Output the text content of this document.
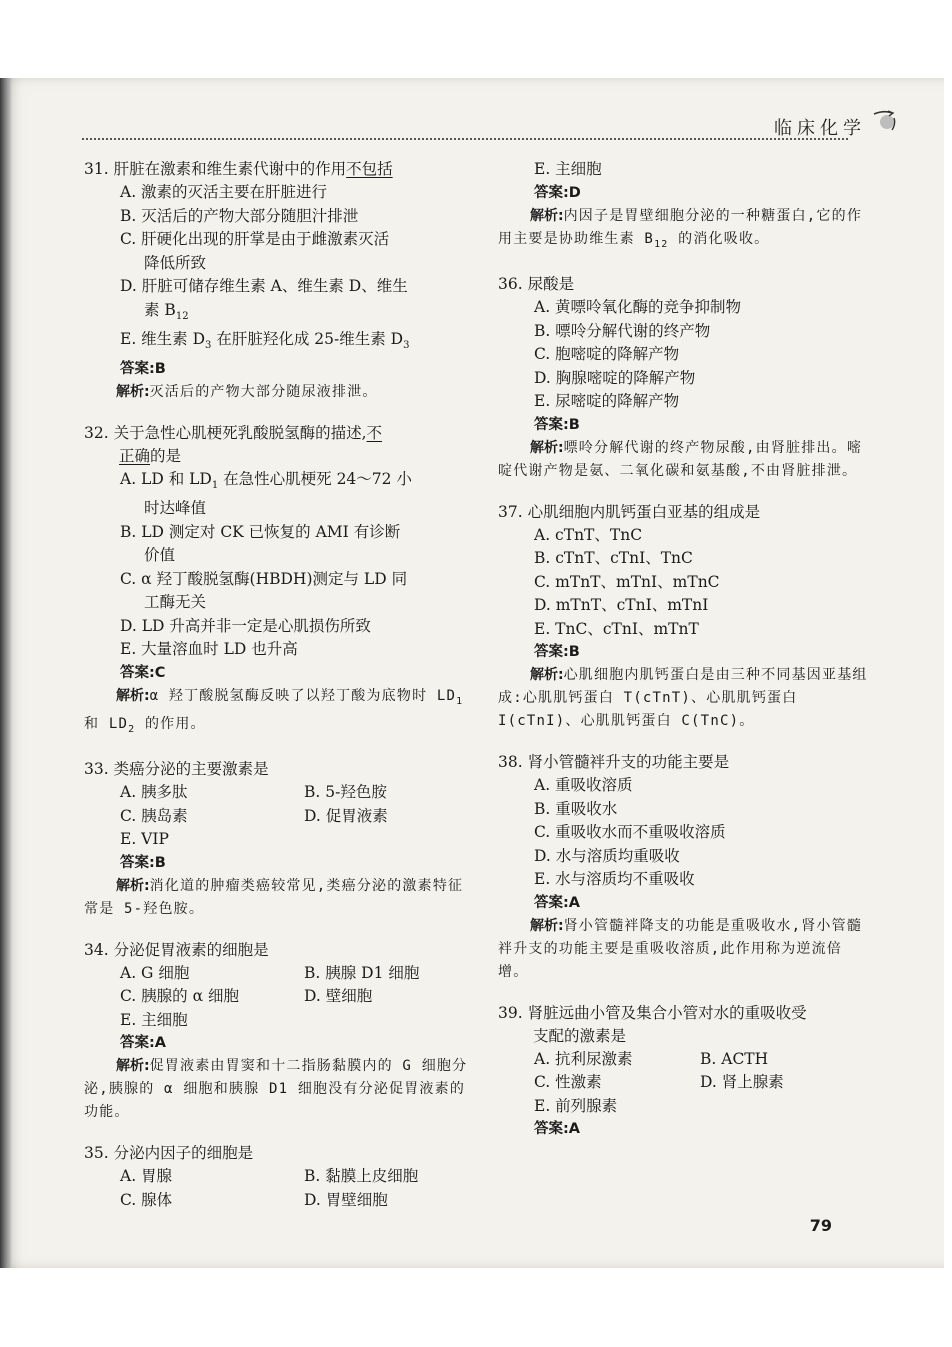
临床化学
31. 肝脏在激素和维生素代谢中的作用不包括
A. 激素的灭活主要在肝脏进行
B. 灭活后的产物大部分随胆汁排泄
C. 肝硬化出现的肝掌是由于雌激素灭活
降低所致
D. 肝脏可储存维生素 A、维生素 D、维生
素 $B_{12}$
E. 维生素 $D_3$ 在肝脏羟化成 25-维生素 $D_3$
答案:B
解析:灭活后的产物大部分随尿液排泄。
32. 关于急性心肌梗死乳酸脱氢酶的描述,不
正确的是
A. LD 和 $LD_1$ 在急性心肌梗死 24～72 小
时达峰值
B. LD 测定对 CK 已恢复的 AMI 有诊断
价值
C. α 羟丁酸脱氢酶(HBDH)测定与 LD 同
工酶无关
D. LD 升高并非一定是心肌损伤所致
E. 大量溶血时 LD 也升高
答案:C
解析:α 羟丁酸脱氢酶反映了以羟丁酸为底物时 $LD_1$ 和 $LD_2$ 的作用。
33. 类癌分泌的主要激素是
A. 胰多肽	B. 5-羟色胺
C. 胰岛素	D. 促胃液素
E. VIP
答案:B
解析:消化道的肿瘤类癌较常见,类癌分泌的激素特征常是 5-羟色胺。
34. 分泌促胃液素的细胞是
A. G 细胞	B. 胰腺 D1 细胞
C. 胰腺的 α 细胞	D. 壁细胞
E. 主细胞
答案:A
解析:促胃液素由胃窦和十二指肠黏膜内的 G 细胞分泌,胰腺的 α 细胞和胰腺 D1 细胞没有分泌促胃液素的功能。
35. 分泌内因子的细胞是
A. 胃腺	B. 黏膜上皮细胞
C. 腺体	D. 胃壁细胞
E. 主细胞
答案:D
解析:内因子是胃壁细胞分泌的一种糖蛋白,它的作用主要是协助维生素 $B_{12}$ 的消化吸收。
36. 尿酸是
A. 黄嘌呤氧化酶的竞争抑制物
B. 嘌呤分解代谢的终产物
C. 胞嘧啶的降解产物
D. 胸腺嘧啶的降解产物
E. 尿嘧啶的降解产物
答案:B
解析:嘌呤分解代谢的终产物尿酸,由肾脏排出。嘧啶代谢产物是氨、二氧化碳和氨基酸,不由肾脏排泄。
37. 心肌细胞内肌钙蛋白亚基的组成是
A. cTnT、TnC
B. cTnT、cTnI、TnC
C. mTnT、mTnI、mTnC
D. mTnT、cTnI、mTnI
E. TnC、cTnI、mTnT
答案:B
解析:心肌细胞内肌钙蛋白是由三种不同基因亚基组成:心肌肌钙蛋白 T(cTnT)、心肌肌钙蛋白 I(cTnI)、心肌肌钙蛋白 C(TnC)。
38. 肾小管髓袢升支的功能主要是
A. 重吸收溶质
B. 重吸收水
C. 重吸收水而不重吸收溶质
D. 水与溶质均重吸收
E. 水与溶质均不重吸收
答案:A
解析:肾小管髓袢降支的功能是重吸收水,肾小管髓袢升支的功能主要是重吸收溶质,此作用称为逆流倍增。
39. 肾脏远曲小管及集合小管对水的重吸收受
支配的激素是
A. 抗利尿激素	B. ACTH
C. 性激素	D. 肾上腺素
E. 前列腺素
答案:A
79
